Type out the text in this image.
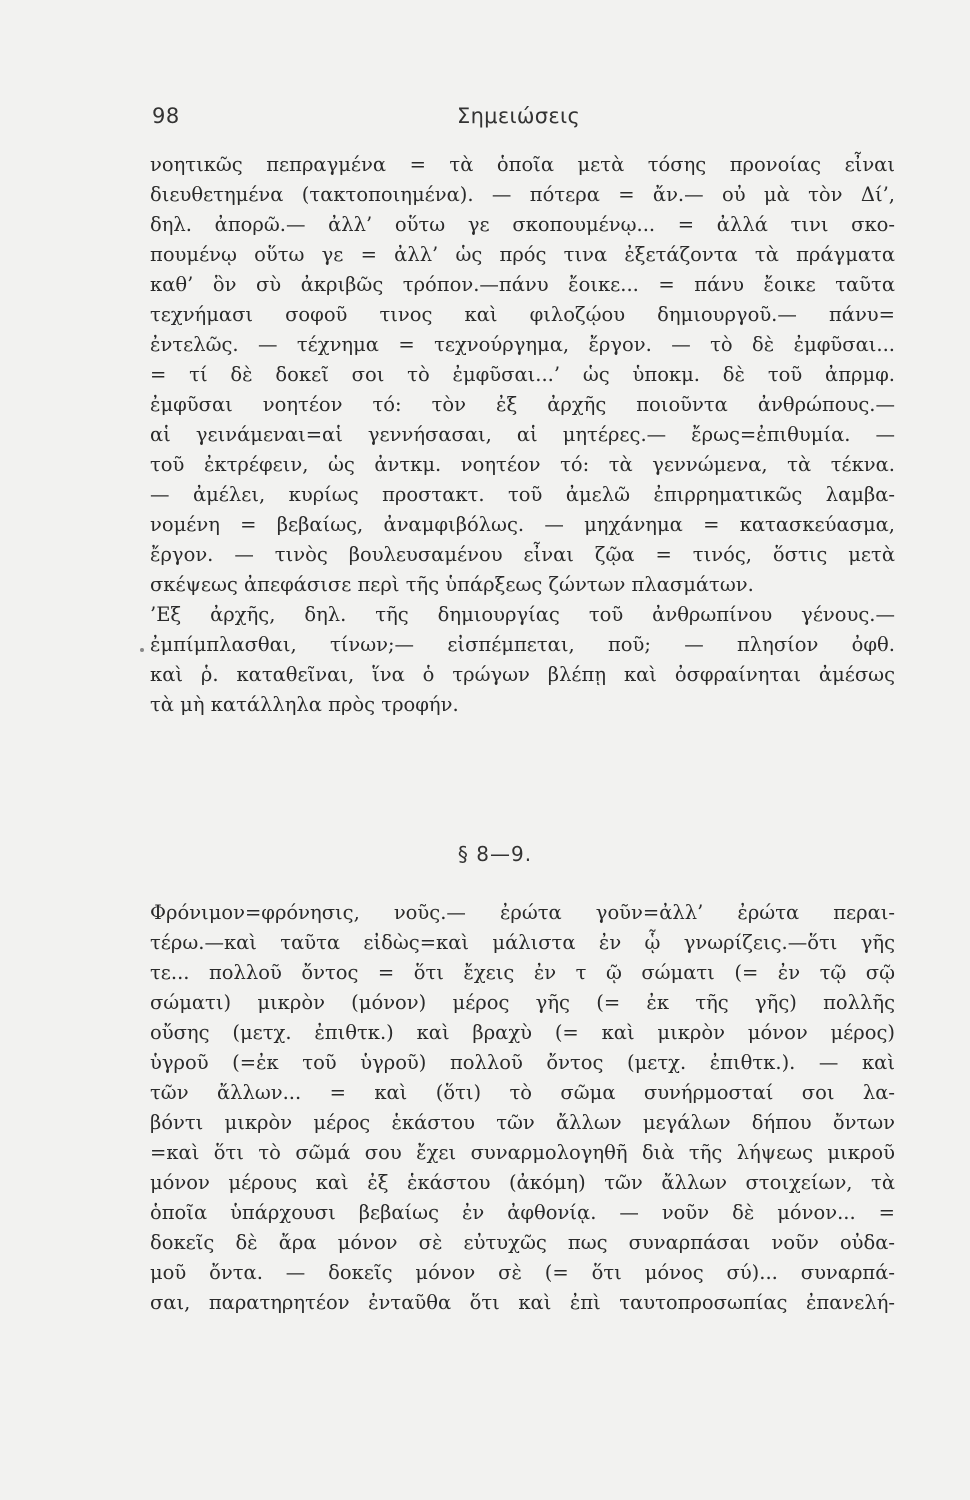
98	Σημειώσεις
νοητικῶς πεπραγμένα = τὰ ὁποῖα μετὰ τόσης προνοίας εἶναι
διευθετημένα (τακτοποιημένα). — πότερα = ἄν.— οὐ μὰ τὸν Δί’,
δηλ. ἀπορῶ.— ἀλλ’ οὕτω γε σκοπουμένῳ... = ἀλλά τινι σκο-
πουμένῳ οὕτω γε = ἀλλ’ ὡς πρός τινα ἐξετάζοντα τὰ πράγματα
καθ’ ὃν σὺ ἀκριβῶς τρόπον.—πάνυ ἔοικε... = πάνυ ἔοικε ταῦτα
τεχνήμασι σοφοῦ τινος καὶ φιλοζῴου δημιουργοῦ.— πάνυ=
ἐντελῶς. — τέχνημα = τεχνούργημα, ἔργον. — τὸ δὲ ἐμφῦσαι...
= τί δὲ δοκεῖ σοι τὸ ἐμφῦσαι...’ ὡς ὑποκμ. δὲ τοῦ ἀπρμφ.
ἐμφῦσαι νοητέον τό: τὸν ἐξ ἀρχῆς ποιοῦντα ἀνθρώπους.—
αἱ γεινάμεναι=αἱ γεννήσασαι, αἱ μητέρες.— ἔρως=ἐπιθυμία. —
τοῦ ἐκτρέφειν, ὡς ἀντκμ. νοητέον τό: τὰ γεννώμενα, τὰ τέκνα.
— ἀμέλει, κυρίως προστακτ. τοῦ ἀμελῶ ἐπιρρηματικῶς λαμβα-
νομένη = βεβαίως, ἀναμφιβόλως. — μηχάνημα = κατασκεύασμα,
ἔργον. — τινὸς βουλευσαμένου εἶναι ζῷα = τινός, ὅστις μετὰ
σκέψεως ἀπεφάσισε περὶ τῆς ὑπάρξεως ζώντων πλασμάτων.
’Εξ ἀρχῆς, δηλ. τῆς δημιουργίας τοῦ ἀνθρωπίνου γένους.—
ἐμπίμπλασθαι, τίνων;— εἰσπέμπεται, ποῦ; — πλησίον ὀφθ.
καὶ ῥ. καταθεῖναι, ἵνα ὁ τρώγων βλέπῃ καὶ ὀσφραίνηται ἀμέσως
τὰ μὴ κατάλληλα πρὸς τροφήν.
§ 8—9.
Φρόνιμον=φρόνησις, νοῦς.— ἐρώτα γοῦν=ἀλλ’ ἐρώτα περαι-
τέρω.—καὶ ταῦτα εἰδὼς=καὶ μάλιστα ἐν ᾧ γνωρίζεις.—ὅτι γῆς
τε... πολλοῦ ὄντος = ὅτι ἔχεις ἐν τ ῷ σώματι (= ἐν τῷ σῷ
σώματι) μικρὸν (μόνον) μέρος γῆς (= ἐκ τῆς γῆς) πολλῆς
οὔσης (μετχ. ἐπιθτκ.) καὶ βραχὺ (= καὶ μικρὸν μόνον μέρος)
ὑγροῦ (=ἐκ τοῦ ὑγροῦ) πολλοῦ ὄντος (μετχ. ἐπιθτκ.). — καὶ
τῶν ἄλλων... = καὶ (ὅτι) τὸ σῶμα συνήρμοσταί σοι λα-
βόντι μικρὸν μέρος ἑκάστου τῶν ἄλλων μεγάλων δήπου ὄντων
=καὶ ὅτι τὸ σῶμά σου ἔχει συναρμολογηθῆ διὰ τῆς λήψεως μικροῦ
μόνον μέρους καὶ ἐξ ἑκάστου (ἀκόμη) τῶν ἄλλων στοιχείων, τὰ
ὁποῖα ὑπάρχουσι βεβαίως ἐν ἀφθονίᾳ. — νοῦν δὲ μόνον... =
δοκεῖς δὲ ἄρα μόνον σὲ εὐτυχῶς πως συναρπάσαι νοῦν οὐδα-
μοῦ ὄντα. — δοκεῖς μόνον σὲ (= ὅτι μόνος σύ)... συναρπά-
σαι, παρατηρητέον ἐνταῦθα ὅτι καὶ ἐπὶ ταυτοπροσωπίας ἐπανελή-
